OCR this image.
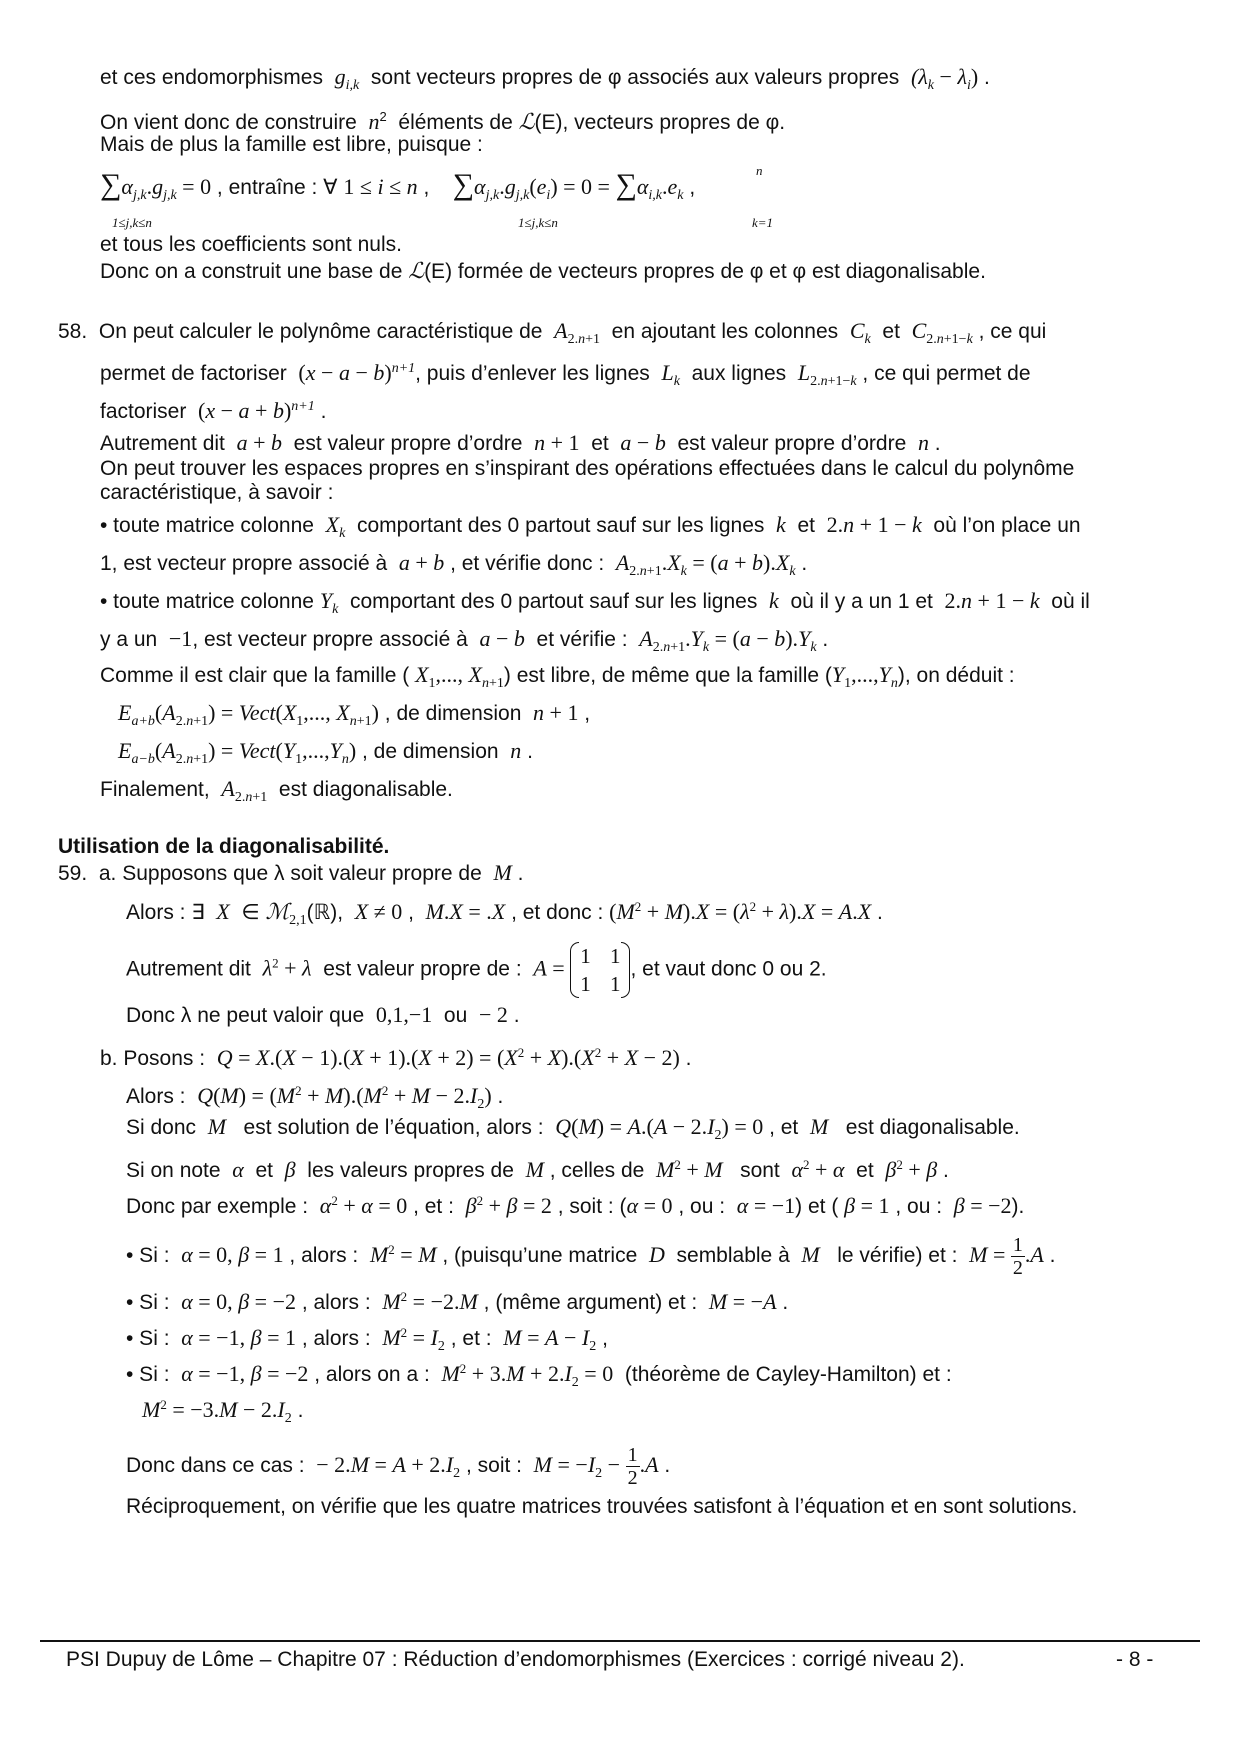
et ces endomorphismes  $g_{i,k}$  sont vecteurs propres de φ associés aux valeurs propres  $(\lambda_k - \lambda_i)$ .
On vient donc de construire  $n^2$  éléments de ℒ(E), vecteurs propres de φ.
Mais de plus la famille est libre, puisque :
$\sum\alpha_{j,k}.g_{j,k} = 0$ , entraîne : ∀ 1 ≤ i ≤ n ,    $\sum\alpha_{j,k}.g_{j,k}(e_i) = 0 = \sum\alpha_{i,k}.e_k$ ,
1≤j,k≤n	1≤j,k≤n
n
k=1
et tous les coefficients sont nuls.
Donc on a construit une base de ℒ(E) formée de vecteurs propres de φ et φ est diagonalisable.
58.  On peut calculer le polynôme caractéristique de  $A_{2.n+1}$  en ajoutant les colonnes  $C_k$  et  $C_{2.n+1-k}$ , ce qui
permet de factoriser  $(x - a - b)^{n+1}$, puis d’enlever les lignes  $L_k$  aux lignes  $L_{2.n+1-k}$ , ce qui permet de
factoriser  $(x - a + b)^{n+1}$ .
Autrement dit  a + b  est valeur propre d’ordre  n + 1  et  a − b  est valeur propre d’ordre  n .
On peut trouver les espaces propres en s’inspirant des opérations effectuées dans le calcul du polynôme
caractéristique, à savoir :
• toute matrice colonne  $X_k$  comportant des 0 partout sauf sur les lignes  k  et  2.n + 1 − k  où l’on place un
1, est vecteur propre associé à  a + b , et vérifie donc :  $A_{2.n+1}.X_k = (a + b).X_k$ .
• toute matrice colonne $Y_k$  comportant des 0 partout sauf sur les lignes  k  où il y a un 1 et  2.n + 1 − k  où il
y a un  −1, est vecteur propre associé à  a − b  et vérifie :  $A_{2.n+1}.Y_k = (a - b).Y_k$ .
Comme il est clair que la famille ( $X_1$,..., $X_{n+1}$) est libre, de même que la famille $(Y_1,...,Y_n)$, on déduit :
$E_{a+b}(A_{2.n+1})$ = $Vect(X_1$,..., $X_{n+1}$) , de dimension  n + 1 ,
$E_{a-b}(A_{2.n+1})$ = $Vect(Y_1,...,Y_n)$ , de dimension  n .
Finalement,  $A_{2.n+1}$  est diagonalisable.
Utilisation de la diagonalisabilité.
59.  a. Supposons que λ soit valeur propre de  M .
Alors : ∃  X  ∈ ℳ$_{2,1}$(ℝ),  X ≠ 0 ,  M.X = .X , et donc : $(M^2 + M).X = (\lambda^2 + \lambda).X = A.X$ .
Autrement dit  $\lambda^2 + \lambda$  est valeur propre de :  A = 1 1
1 1
, et vaut donc 0 ou 2.
Donc λ ne peut valoir que  0,1,−1  ou  − 2 .
b. Posons :  $Q = X.(X - 1).(X + 1).(X + 2) = (X^2 + X).(X^2 + X - 2)$ .
Alors :  $Q(M) = (M^2 + M).(M^2 + M - 2.I_2)$ .
Si donc  M   est solution de l’équation, alors :  $Q(M) = A.(A - 2.I_2) = 0$ , et  M   est diagonalisable.
Si on note  α  et  β  les valeurs propres de  M , celles de  $M^2 + M$   sont  $\alpha^2 + \alpha$  et  $\beta^2 + \beta$ .
Donc par exemple :  $\alpha^2 + \alpha = 0$ , et :  $\beta^2 + \beta = 2$ , soit : (α = 0 , ou :  α = −1) et ( β = 1 , ou :  β = −2).
• Si :  α = 0, β = 1 , alors :  $M^2 = M$ , (puisqu’une matrice  D  semblable à  M   le vérifie) et :  $M = \frac{1}{2} .A$ .
• Si :  α = 0, β = −2 , alors :  $M^2 = -2.M$ , (même argument) et :  M = −A .
• Si :  α = −1, β = 1 , alors :  $M^2 = I_2$ , et :  $M = A - I_2$ ,
• Si :  α = −1, β = −2 , alors on a :  $M^2 + 3.M + 2.I_2 = 0$  (théorème de Cayley-Hamilton) et :
$M^2 = -3.M - 2.I_2$ .
Donc dans ce cas :  − $2.M = A + 2.I_2$ , soit :  $M = -I_2 - \frac{1}{2} .A$ .
Réciproquement, on vérifie que les quatre matrices trouvées satisfont à l’équation et en sont solutions.
PSI Dupuy de Lôme – Chapitre 07 : Réduction d’endomorphismes (Exercices : corrigé niveau 2).	- 8 -
